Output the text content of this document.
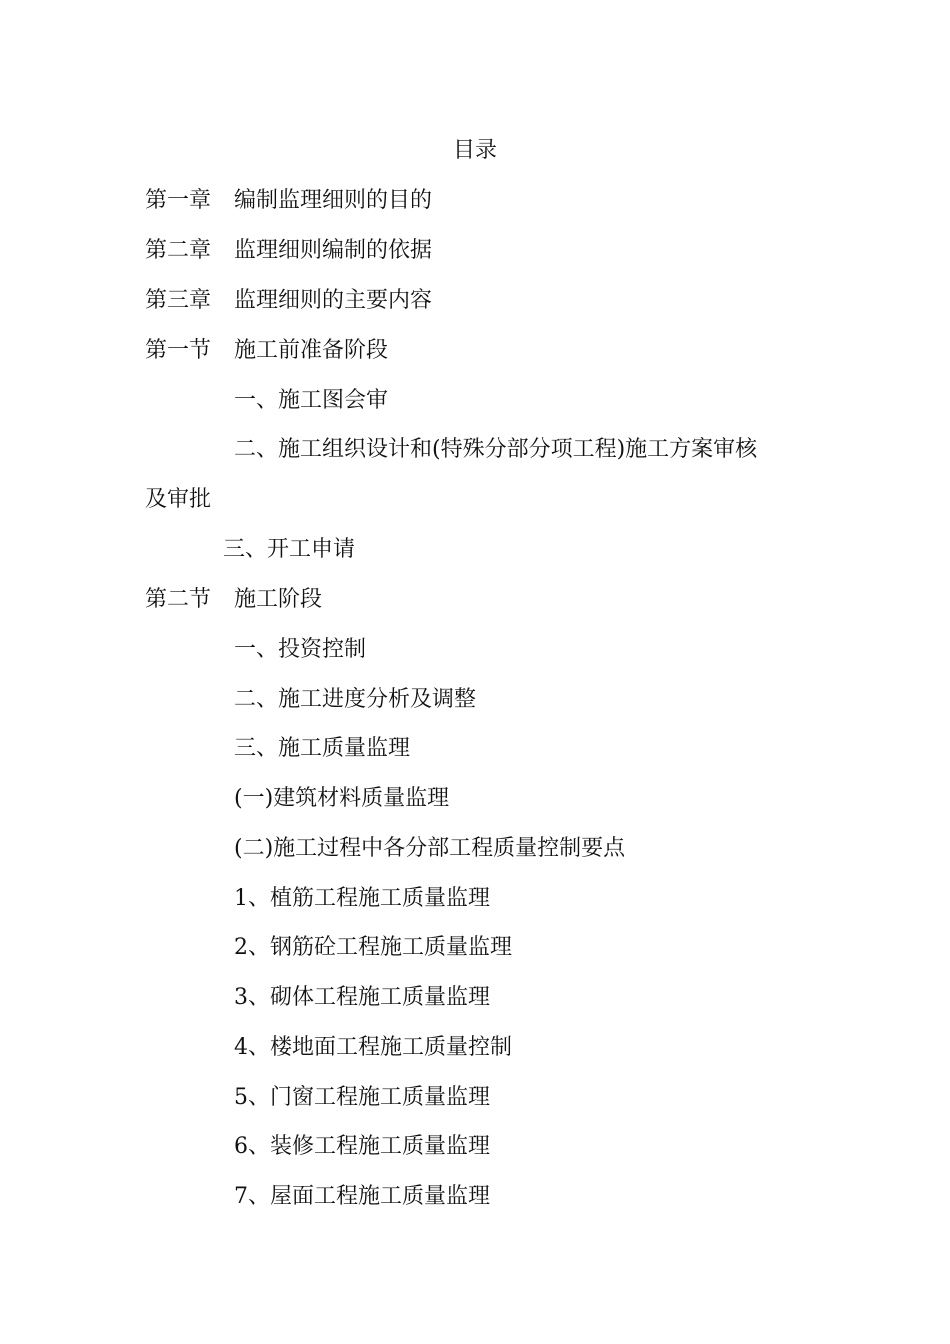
目录
第一章 编制监理细则的目的
第二章 监理细则编制的依据
第三章 监理细则的主要内容
第一节 施工前准备阶段
一、施工图会审
二、施工组织设计和(特殊分部分项工程)施工方案审核
及审批
三、开工申请
第二节 施工阶段
一、投资控制
二、施工进度分析及调整
三、施工质量监理
(一)建筑材料质量监理
(二)施工过程中各分部工程质量控制要点
1、植筋工程施工质量监理
2、钢筋砼工程施工质量监理
3、砌体工程施工质量监理
4、楼地面工程施工质量控制
5、门窗工程施工质量监理
6、装修工程施工质量监理
7、屋面工程施工质量监理
